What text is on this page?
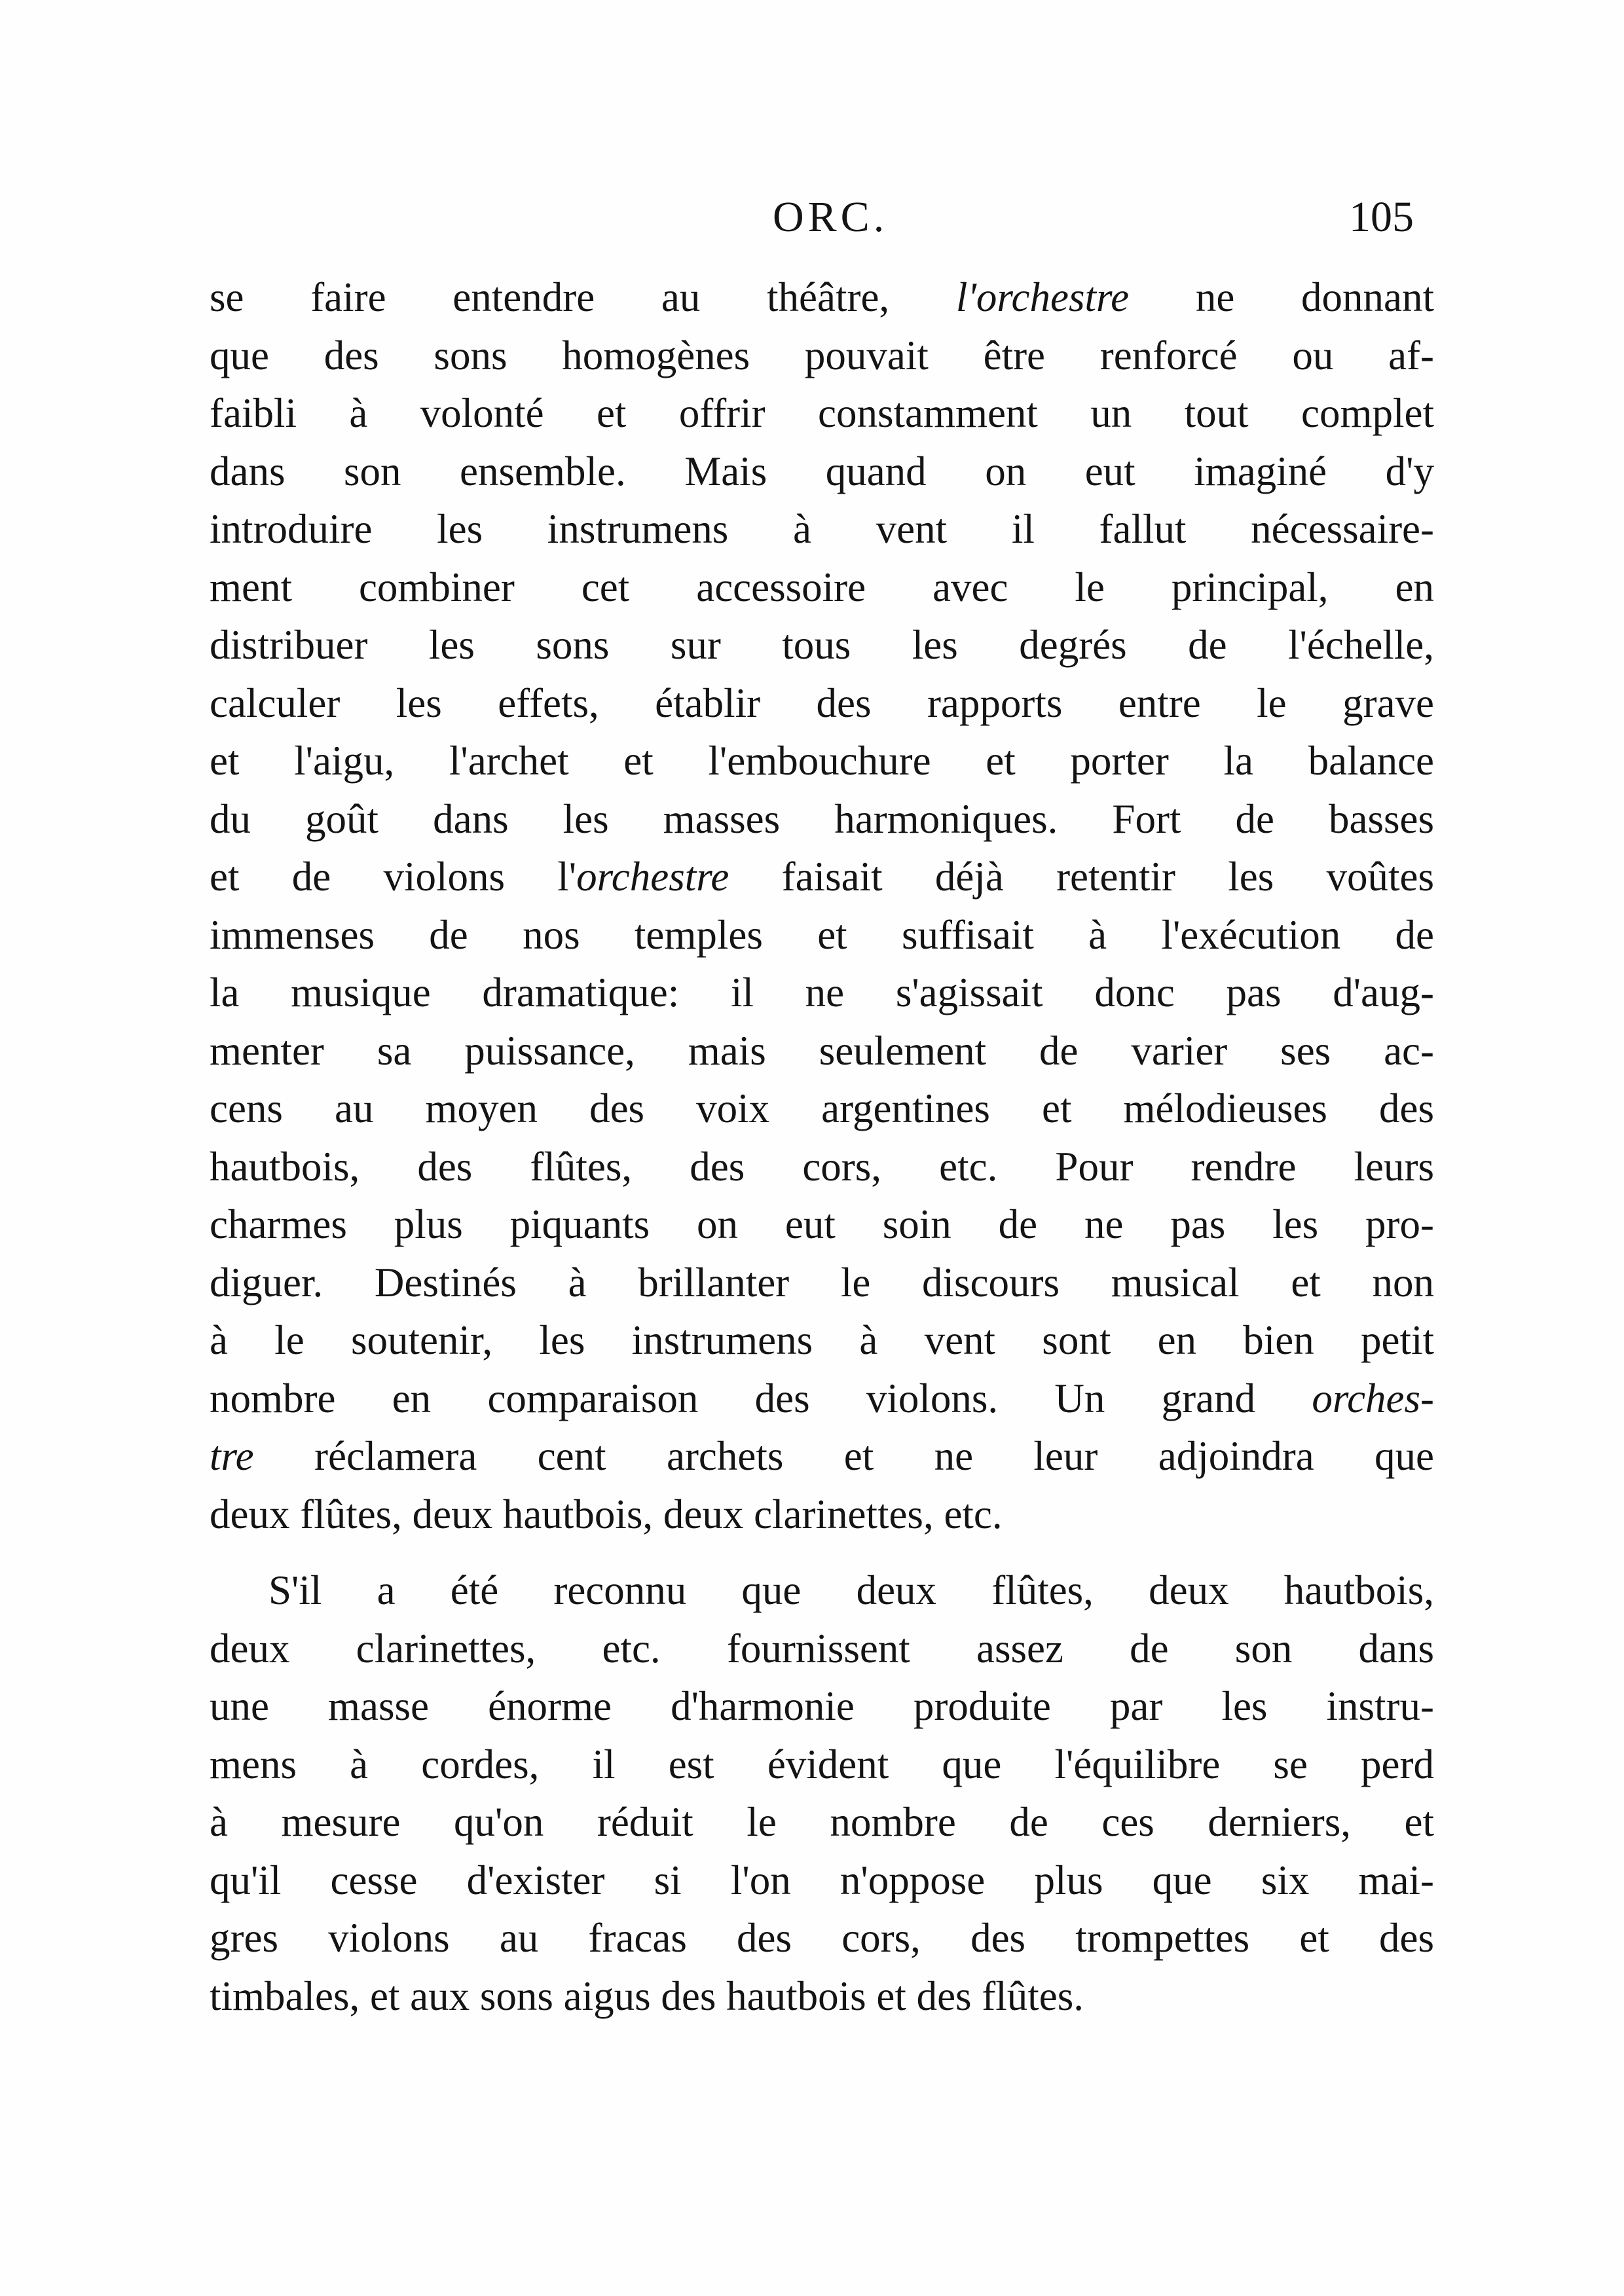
ORC.	105
se faire entendre au théâtre, l'orchestre ne donnant
que des sons homogènes pouvait être renforcé ou af-
faibli à volonté et offrir constamment un tout complet
dans son ensemble. Mais quand on eut imaginé d'y
introduire les instrumens à vent il fallut nécessaire-
ment combiner cet accessoire avec le principal, en
distribuer les sons sur tous les degrés de l'échelle,
calculer les effets, établir des rapports entre le grave
et l'aigu, l'archet et l'embouchure et porter la balance
du goût dans les masses harmoniques. Fort de basses
et de violons l'orchestre faisait déjà retentir les voûtes
immenses de nos temples et suffisait à l'exécution de
la musique dramatique: il ne s'agissait donc pas d'aug-
menter sa puissance, mais seulement de varier ses ac-
cens au moyen des voix argentines et mélodieuses des
hautbois, des flûtes, des cors, etc. Pour rendre leurs
charmes plus piquants on eut soin de ne pas les pro-
diguer. Destinés à brillanter le discours musical et non
à le soutenir, les instrumens à vent sont en bien petit
nombre en comparaison des violons. Un grand orches-
tre réclamera cent archets et ne leur adjoindra que
deux flûtes, deux hautbois, deux clarinettes, etc.
S'il a été reconnu que deux flûtes, deux hautbois,
deux clarinettes, etc. fournissent assez de son dans
une masse énorme d'harmonie produite par les instru-
mens à cordes, il est évident que l'équilibre se perd
à mesure qu'on réduit le nombre de ces derniers, et
qu'il cesse d'exister si l'on n'oppose plus que six mai-
gres violons au fracas des cors, des trompettes et des
timbales, et aux sons aigus des hautbois et des flûtes.
